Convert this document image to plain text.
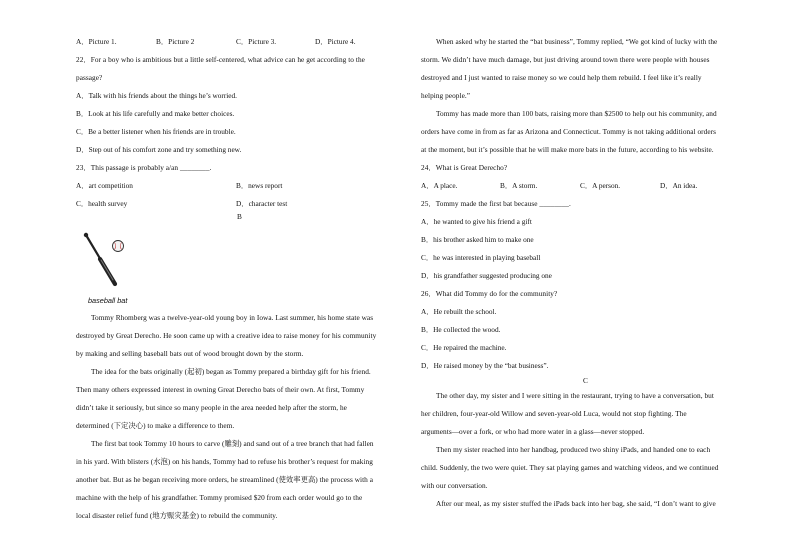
A．Picture 1.	B．Picture 2	C．Picture 3.	D．Picture 4.
22．For a boy who is ambitious but a little self-centered, what advice can he get according to the
passage?
A．Talk with his friends about the things he’s worried.
B．Look at his life carefully and make better choices.
C．Be a better listener when his friends are in trouble.
D．Step out of his comfort zone and try something new.
23．This passage is probably a/an ________.
A．art competition	B．news report
C．health survey	D．character test
B
baseball bat
Tommy Rhomberg was a twelve-year-old young boy in Iowa. Last summer, his home state was
destroyed by Great Derecho. He soon came up with a creative idea to raise money for his community
by making and selling baseball bats out of wood brought down by the storm.
The idea for the bats originally (起初) began as Tommy prepared a birthday gift for his friend.
Then many others expressed interest in owning Great Derecho bats of their own. At first, Tommy
didn’t take it seriously, but since so many people in the area needed help after the storm, he
determined (下定决心) to make a difference to them.
The first bat took Tommy 10 hours to carve (雕刻) and sand out of a tree branch that had fallen
in his yard. With blisters (水泡) on his hands, Tommy had to refuse his brother’s request for making
another bat. But as he began receiving more orders, he streamlined (使效率更高) the process with a
machine with the help of his grandfather. Tommy promised $20 from each order would go to the
local disaster relief fund (地方赈灾基金) to rebuild the community.
When asked why he started the “bat business”, Tommy replied, “We got kind of lucky with the
storm. We didn’t have much damage, but just driving around town there were people with houses
destroyed and I just wanted to raise money so we could help them rebuild. I feel like it’s really
helping people.”
Tommy has made more than 100 bats, raising more than $2500 to help out his community, and
orders have come in from as far as Arizona and Connecticut. Tommy is not taking additional orders
at the moment, but it’s possible that he will make more bats in the future, according to his website.
24．What is Great Derecho?
A．A place.	B．A storm.	C．A person.	D．An idea.
25．Tommy made the first bat because ________.
A．he wanted to give his friend a gift
B．his brother asked him to make one
C．he was interested in playing baseball
D．his grandfather suggested producing one
26．What did Tommy do for the community?
A．He rebuilt the school.
B．He collected the wood.
C．He repaired the machine.
D．He raised money by the “bat business”.
C
The other day, my sister and I were sitting in the restaurant, trying to have a conversation, but
her children, four-year-old Willow and seven-year-old Luca, would not stop fighting. The
arguments—over a fork, or who had more water in a glass—never stopped.
Then my sister reached into her handbag, produced two shiny iPads, and handed one to each
child. Suddenly, the two were quiet. They sat playing games and watching videos, and we continued
with our conversation.
After our meal, as my sister stuffed the iPads back into her bag, she said, “I don’t want to give
